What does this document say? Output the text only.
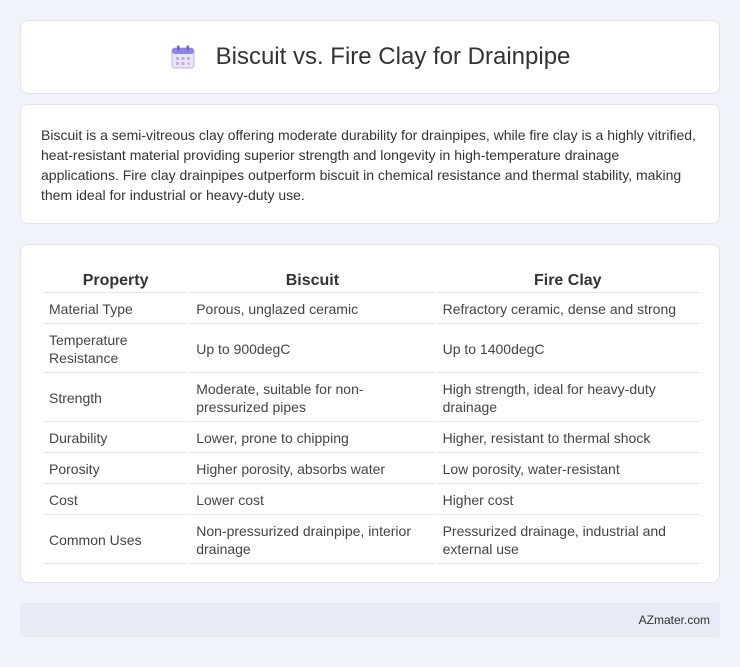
Biscuit vs. Fire Clay for Drainpipe

Biscuit is a semi-vitreous clay offering moderate durability for drainpipes, while fire clay is a highly vitrified, heat-resistant material providing superior strength and longevity in high-temperature drainage applications. Fire clay drainpipes outperform biscuit in chemical resistance and thermal stability, making them ideal for industrial or heavy-duty use.

Property	Biscuit	Fire Clay
Material Type	Porous, unglazed ceramic	Refractory ceramic, dense and strong
Temperature Resistance	Up to 900degC	Up to 1400degC
Strength	Moderate, suitable for non-pressurized pipes	High strength, ideal for heavy-duty drainage
Durability	Lower, prone to chipping	Higher, resistant to thermal shock
Porosity	Higher porosity, absorbs water	Low porosity, water-resistant
Cost	Lower cost	Higher cost
Common Uses	Non-pressurized drainpipe, interior drainage	Pressurized drainage, industrial and external use
AZmater.com
